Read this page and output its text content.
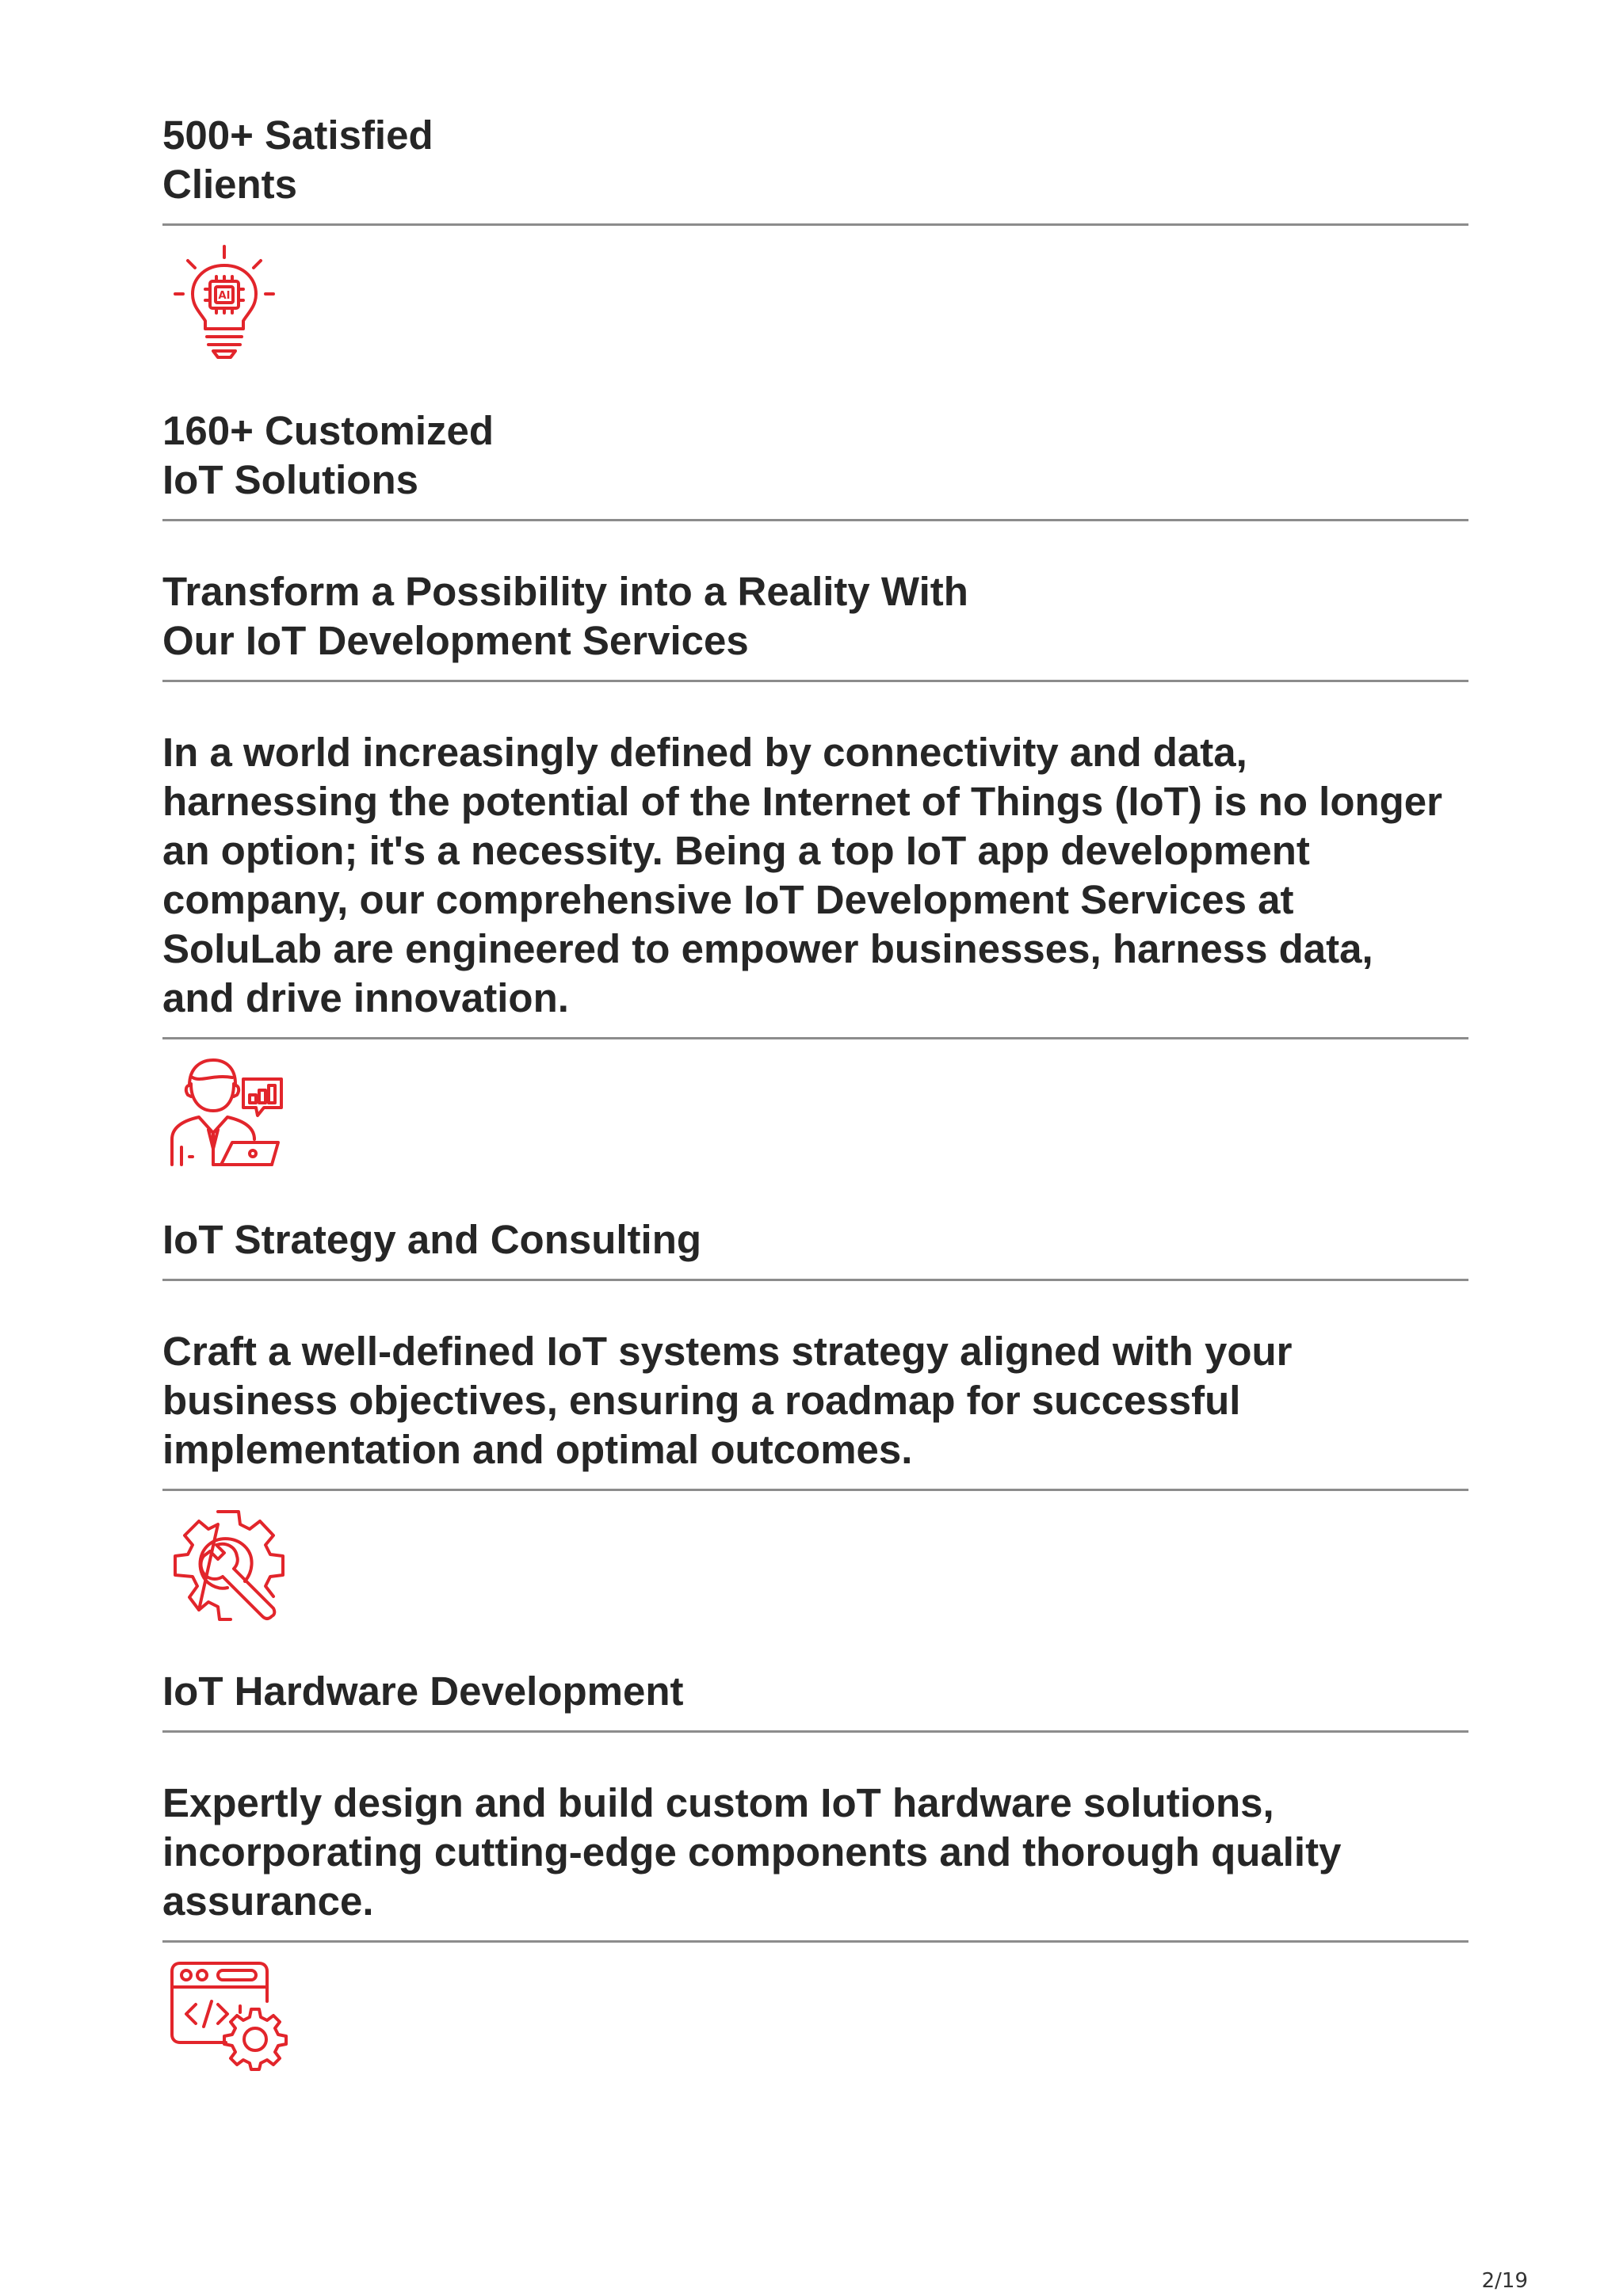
500+ Satisfied
Clients

AI

160+ Customized
IoT Solutions

Transform a Possibility into a Reality With
Our IoT Development Services

In a world increasingly defined by connectivity and data,
harnessing the potential of the Internet of Things (IoT) is no longer
an option; it's a necessity. Being a top IoT app development
company, our comprehensive IoT Development Services at
SoluLab are engineered to empower businesses, harness data,
and drive innovation.

IoT Strategy and Consulting

Craft a well-defined IoT systems strategy aligned with your
business objectives, ensuring a roadmap for successful
implementation and optimal outcomes.

IoT Hardware Development

Expertly design and build custom IoT hardware solutions,
incorporating cutting-edge components and thorough quality
assurance.

2/19
